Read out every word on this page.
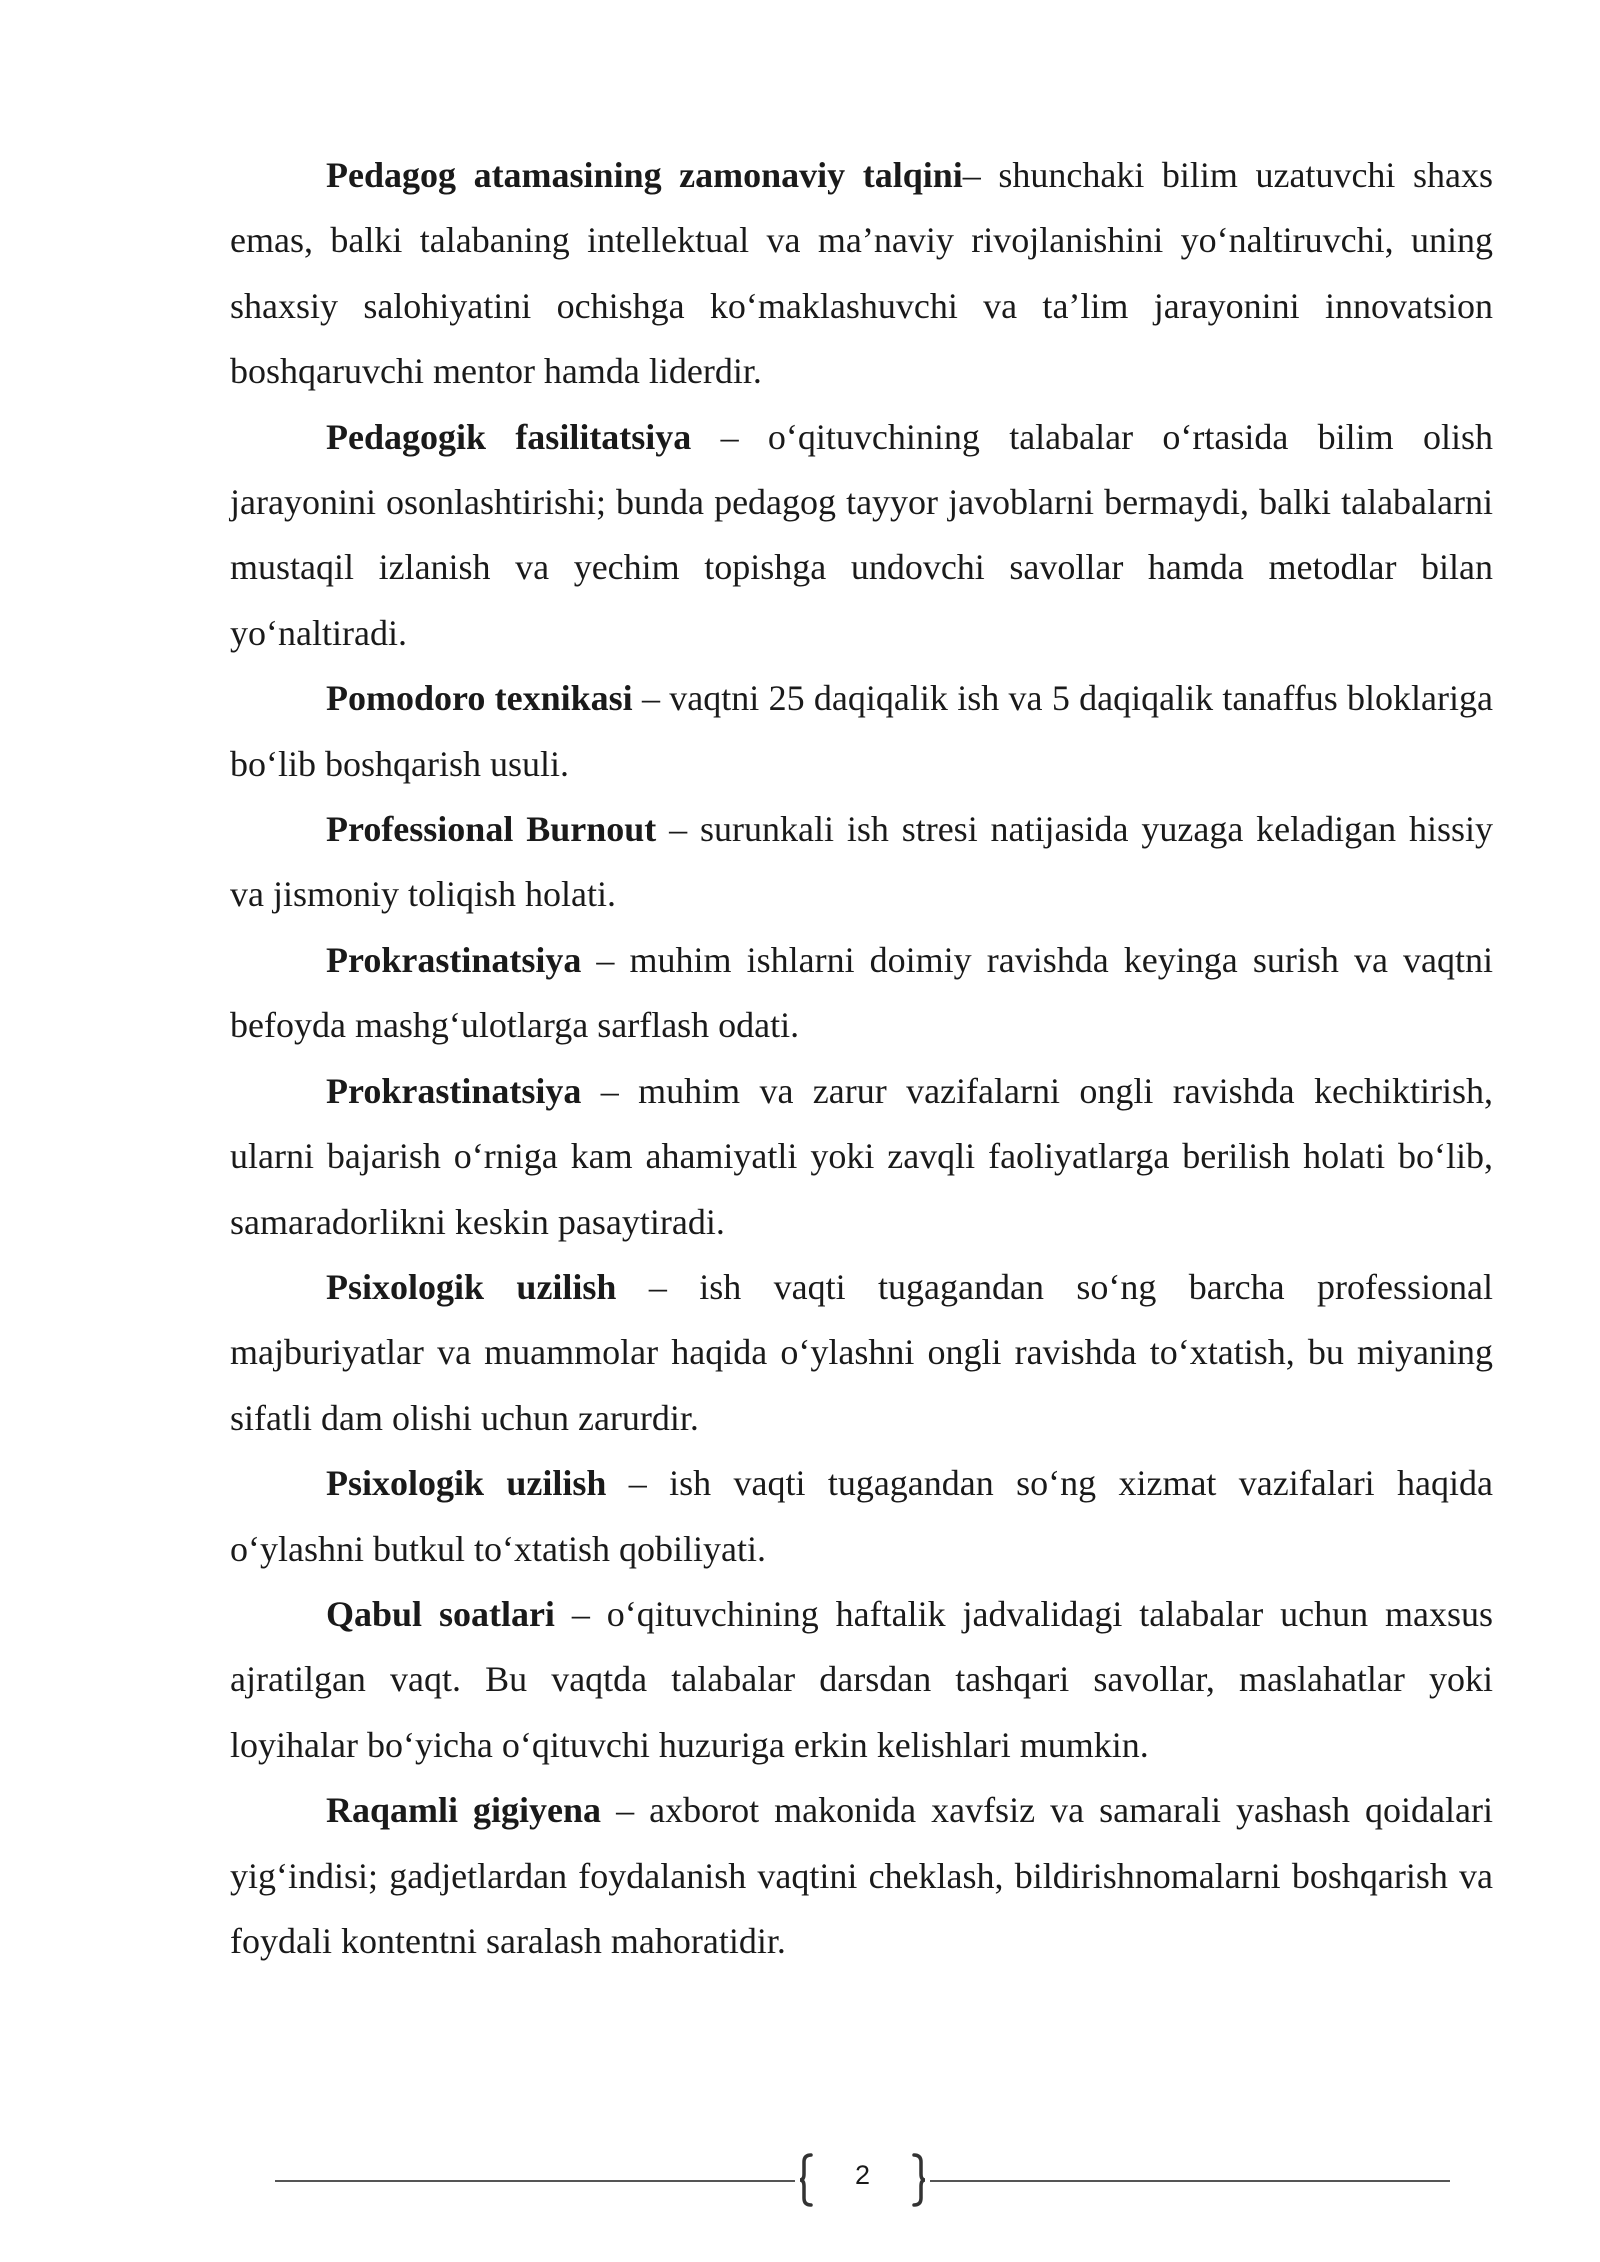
Pedagog atamasining zamonaviy talqini– shunchaki bilim uzatuvchi shaxs emas, balki talabaning intellektual va ma’naviy rivojlanishini yo‘naltiruvchi, uning shaxsiy salohiyatini ochishga ko‘maklashuvchi va ta’lim jarayonini innovatsion boshqaruvchi mentor hamda liderdir.

Pedagogik fasilitatsiya – o‘qituvchining talabalar o‘rtasida bilim olish jarayonini osonlashtirishi; bunda pedagog tayyor javoblarni bermaydi, balki talabalarni mustaqil izlanish va yechim topishga undovchi savollar hamda metodlar bilan yo‘naltiradi.

Pomodoro texnikasi – vaqtni 25 daqiqalik ish va 5 daqiqalik tanaffus bloklariga bo‘lib boshqarish usuli.

Professional Burnout – surunkali ish stresi natijasida yuzaga keladigan hissiy va jismoniy toliqish holati.

Prokrastinatsiya – muhim ishlarni doimiy ravishda keyinga surish va vaqtni befoyda mashg‘ulotlarga sarflash odati.

Prokrastinatsiya – muhim va zarur vazifalarni ongli ravishda kechiktirish, ularni bajarish o‘rniga kam ahamiyatli yoki zavqli faoliyatlarga berilish holati bo‘lib, samaradorlikni keskin pasaytiradi.

Psixologik uzilish – ish vaqti tugagandan so‘ng barcha professional majburiyatlar va muammolar haqida o‘ylashni ongli ravishda to‘xtatish, bu miyaning sifatli dam olishi uchun zarurdir.

Psixologik uzilish – ish vaqti tugagandan so‘ng xizmat vazifalari haqida o‘ylashni butkul to‘xtatish qobiliyati.

Qabul soatlari – o‘qituvchining haftalik jadvalidagi talabalar uchun maxsus ajratilgan vaqt. Bu vaqtda talabalar darsdan tashqari savollar, maslahatlar yoki loyihalar bo‘yicha o‘qituvchi huzuriga erkin kelishlari mumkin.

Raqamli gigiyena – axborot makonida xavfsiz va samarali yashash qoidalari yig‘indisi; gadjetlardan foydalanish vaqtini cheklash, bildirishnomalarni boshqarish va foydali kontentni saralash mahoratidir.

2
